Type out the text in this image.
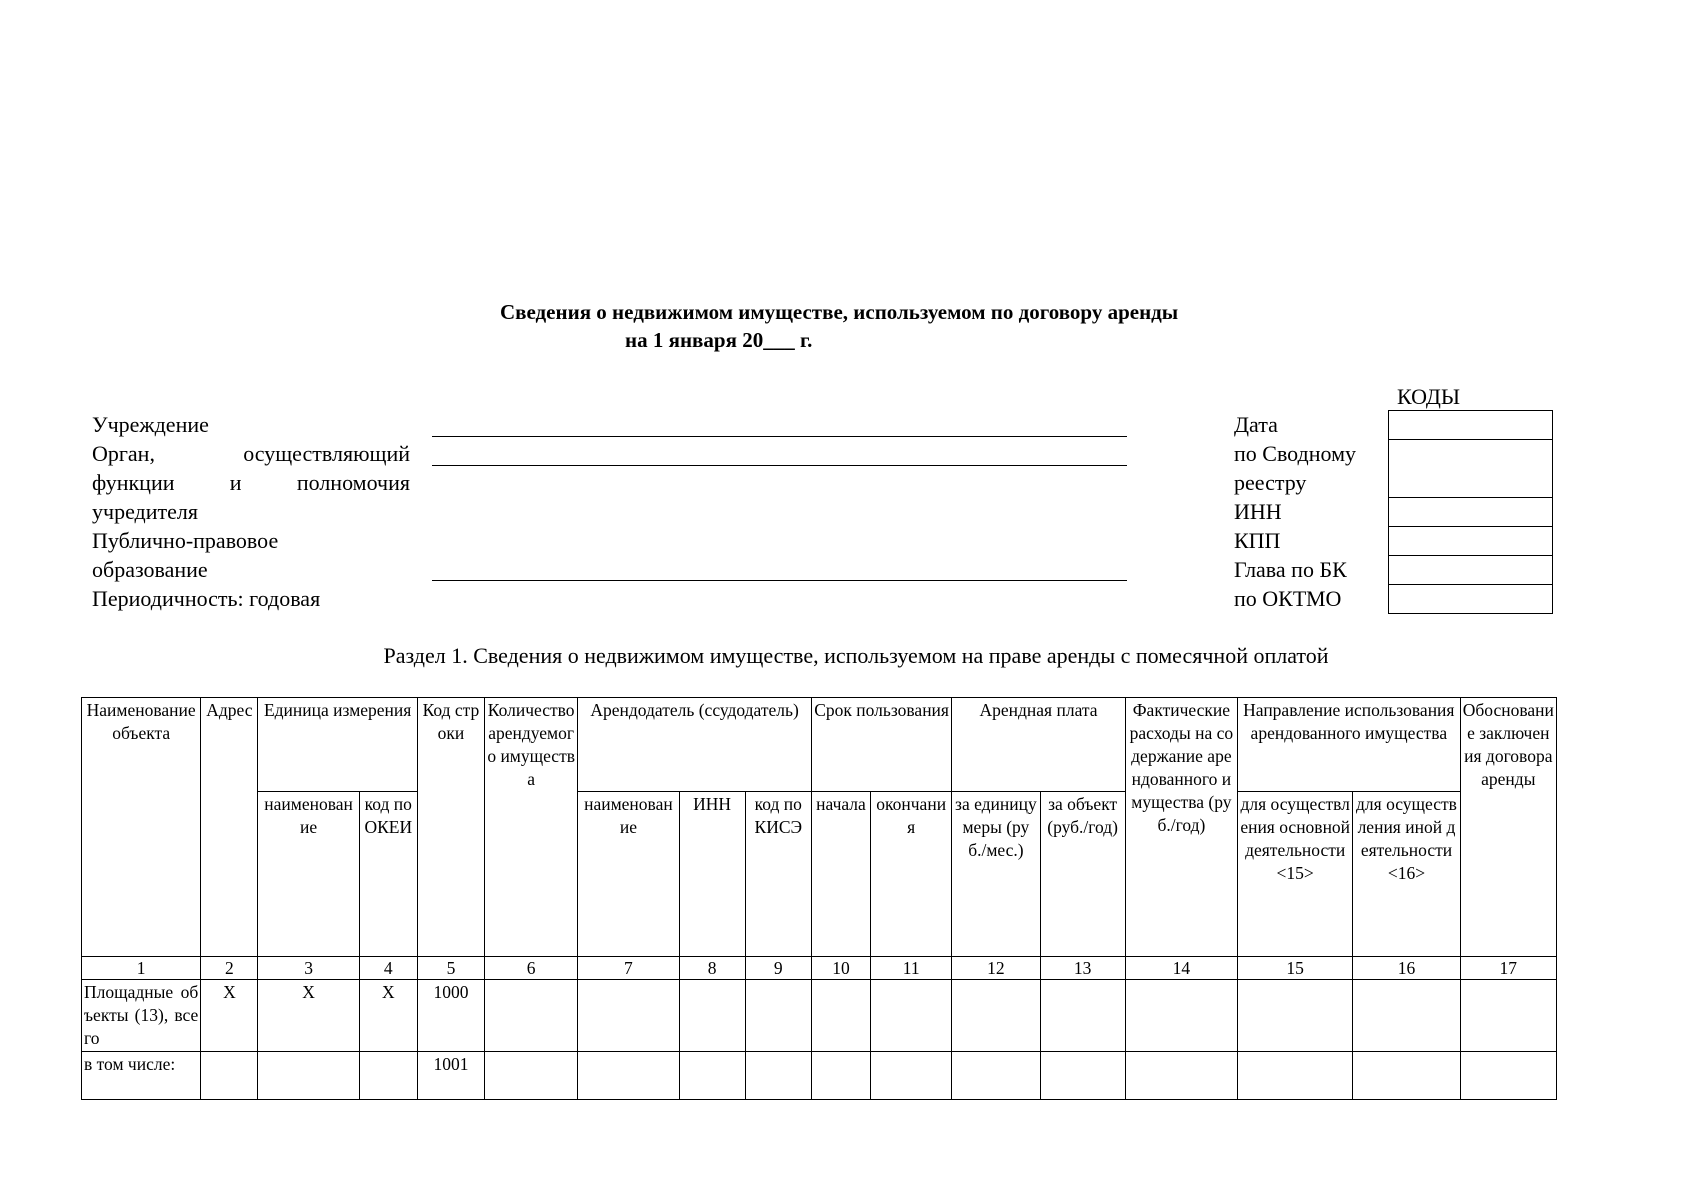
Сведения о недвижимом имуществе, используемом по договору аренды
на 1 января 20___ г.
КОДЫ
Учреждение
Орган,	осуществляющий
функции	и	полномочия
учредителя
Публично-правовое
образование
Периодичность: годовая
Дата
по Сводному
реестру
ИНН
КПП
Глава по БК
по ОКТМО
Раздел 1. Сведения о недвижимом имуществе, используемом на праве аренды с помесячной оплатой
Наименование объекта	Адрес	Единица измерения		Код строки	Количество арендуемого имущества	Арендодатель (ссудодатель)			Срок пользования		Арендная плата		Фактические расходы на содержание арендованного имущества (руб./год)	Направление использования арендованного имущества		Обоснование заключения договора аренды
		наименование	код по ОКЕИ			наименование	ИНН	код по КИСЭ	начала	окончания	за единицу меры (руб./мес.)	за объект (руб./год)		для осуществления основной деятельности <15>	для осуществления иной деятельности <16>	
1	2	3	4	5	6	7	8	9	10	11	12	13	14	15	16	17
Площадные объекты (13), всего	X	X	X	1000												
в том числе:				1001												
